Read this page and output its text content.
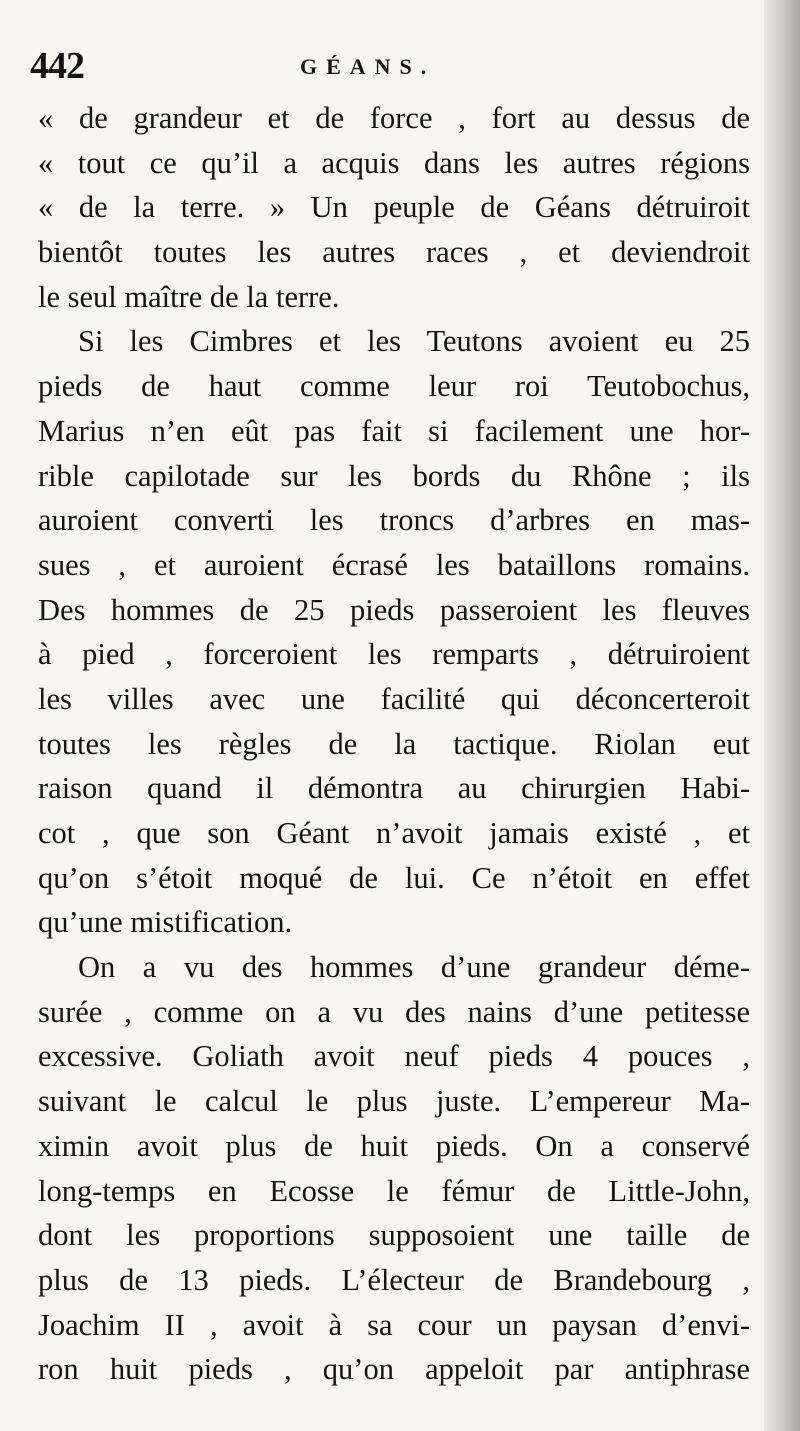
442	GÉANS.
« de grandeur et de force , fort au dessus de
« tout ce qu’il a acquis dans les autres régions
« de la terre. » Un peuple de Géans détruiroit
bientôt toutes les autres races , et deviendroit
le seul maître de la terre.
Si les Cimbres et les Teutons avoient eu 25
pieds de haut comme leur roi Teutobochus,
Marius n’en eût pas fait si facilement une hor-
rible capilotade sur les bords du Rhône ; ils
auroient converti les troncs d’arbres en mas-
sues , et auroient écrasé les bataillons romains.
Des hommes de 25 pieds passeroient les fleuves
à pied , forceroient les remparts , détruiroient
les villes avec une facilité qui déconcerteroit
toutes les règles de la tactique. Riolan eut
raison quand il démontra au chirurgien Habi-
cot , que son Géant n’avoit jamais existé , et
qu’on s’étoit moqué de lui. Ce n’étoit en effet
qu’une mistification.
On a vu des hommes d’une grandeur déme-
surée , comme on a vu des nains d’une petitesse
excessive. Goliath avoit neuf pieds 4 pouces ,
suivant le calcul le plus juste. L’empereur Ma-
ximin avoit plus de huit pieds. On a conservé
long-temps en Ecosse le fémur de Little-John,
dont les proportions supposoient une taille de
plus de 13 pieds. L’électeur de Brandebourg ,
Joachim II , avoit à sa cour un paysan d’envi-
ron huit pieds , qu’on appeloit par antiphrase
